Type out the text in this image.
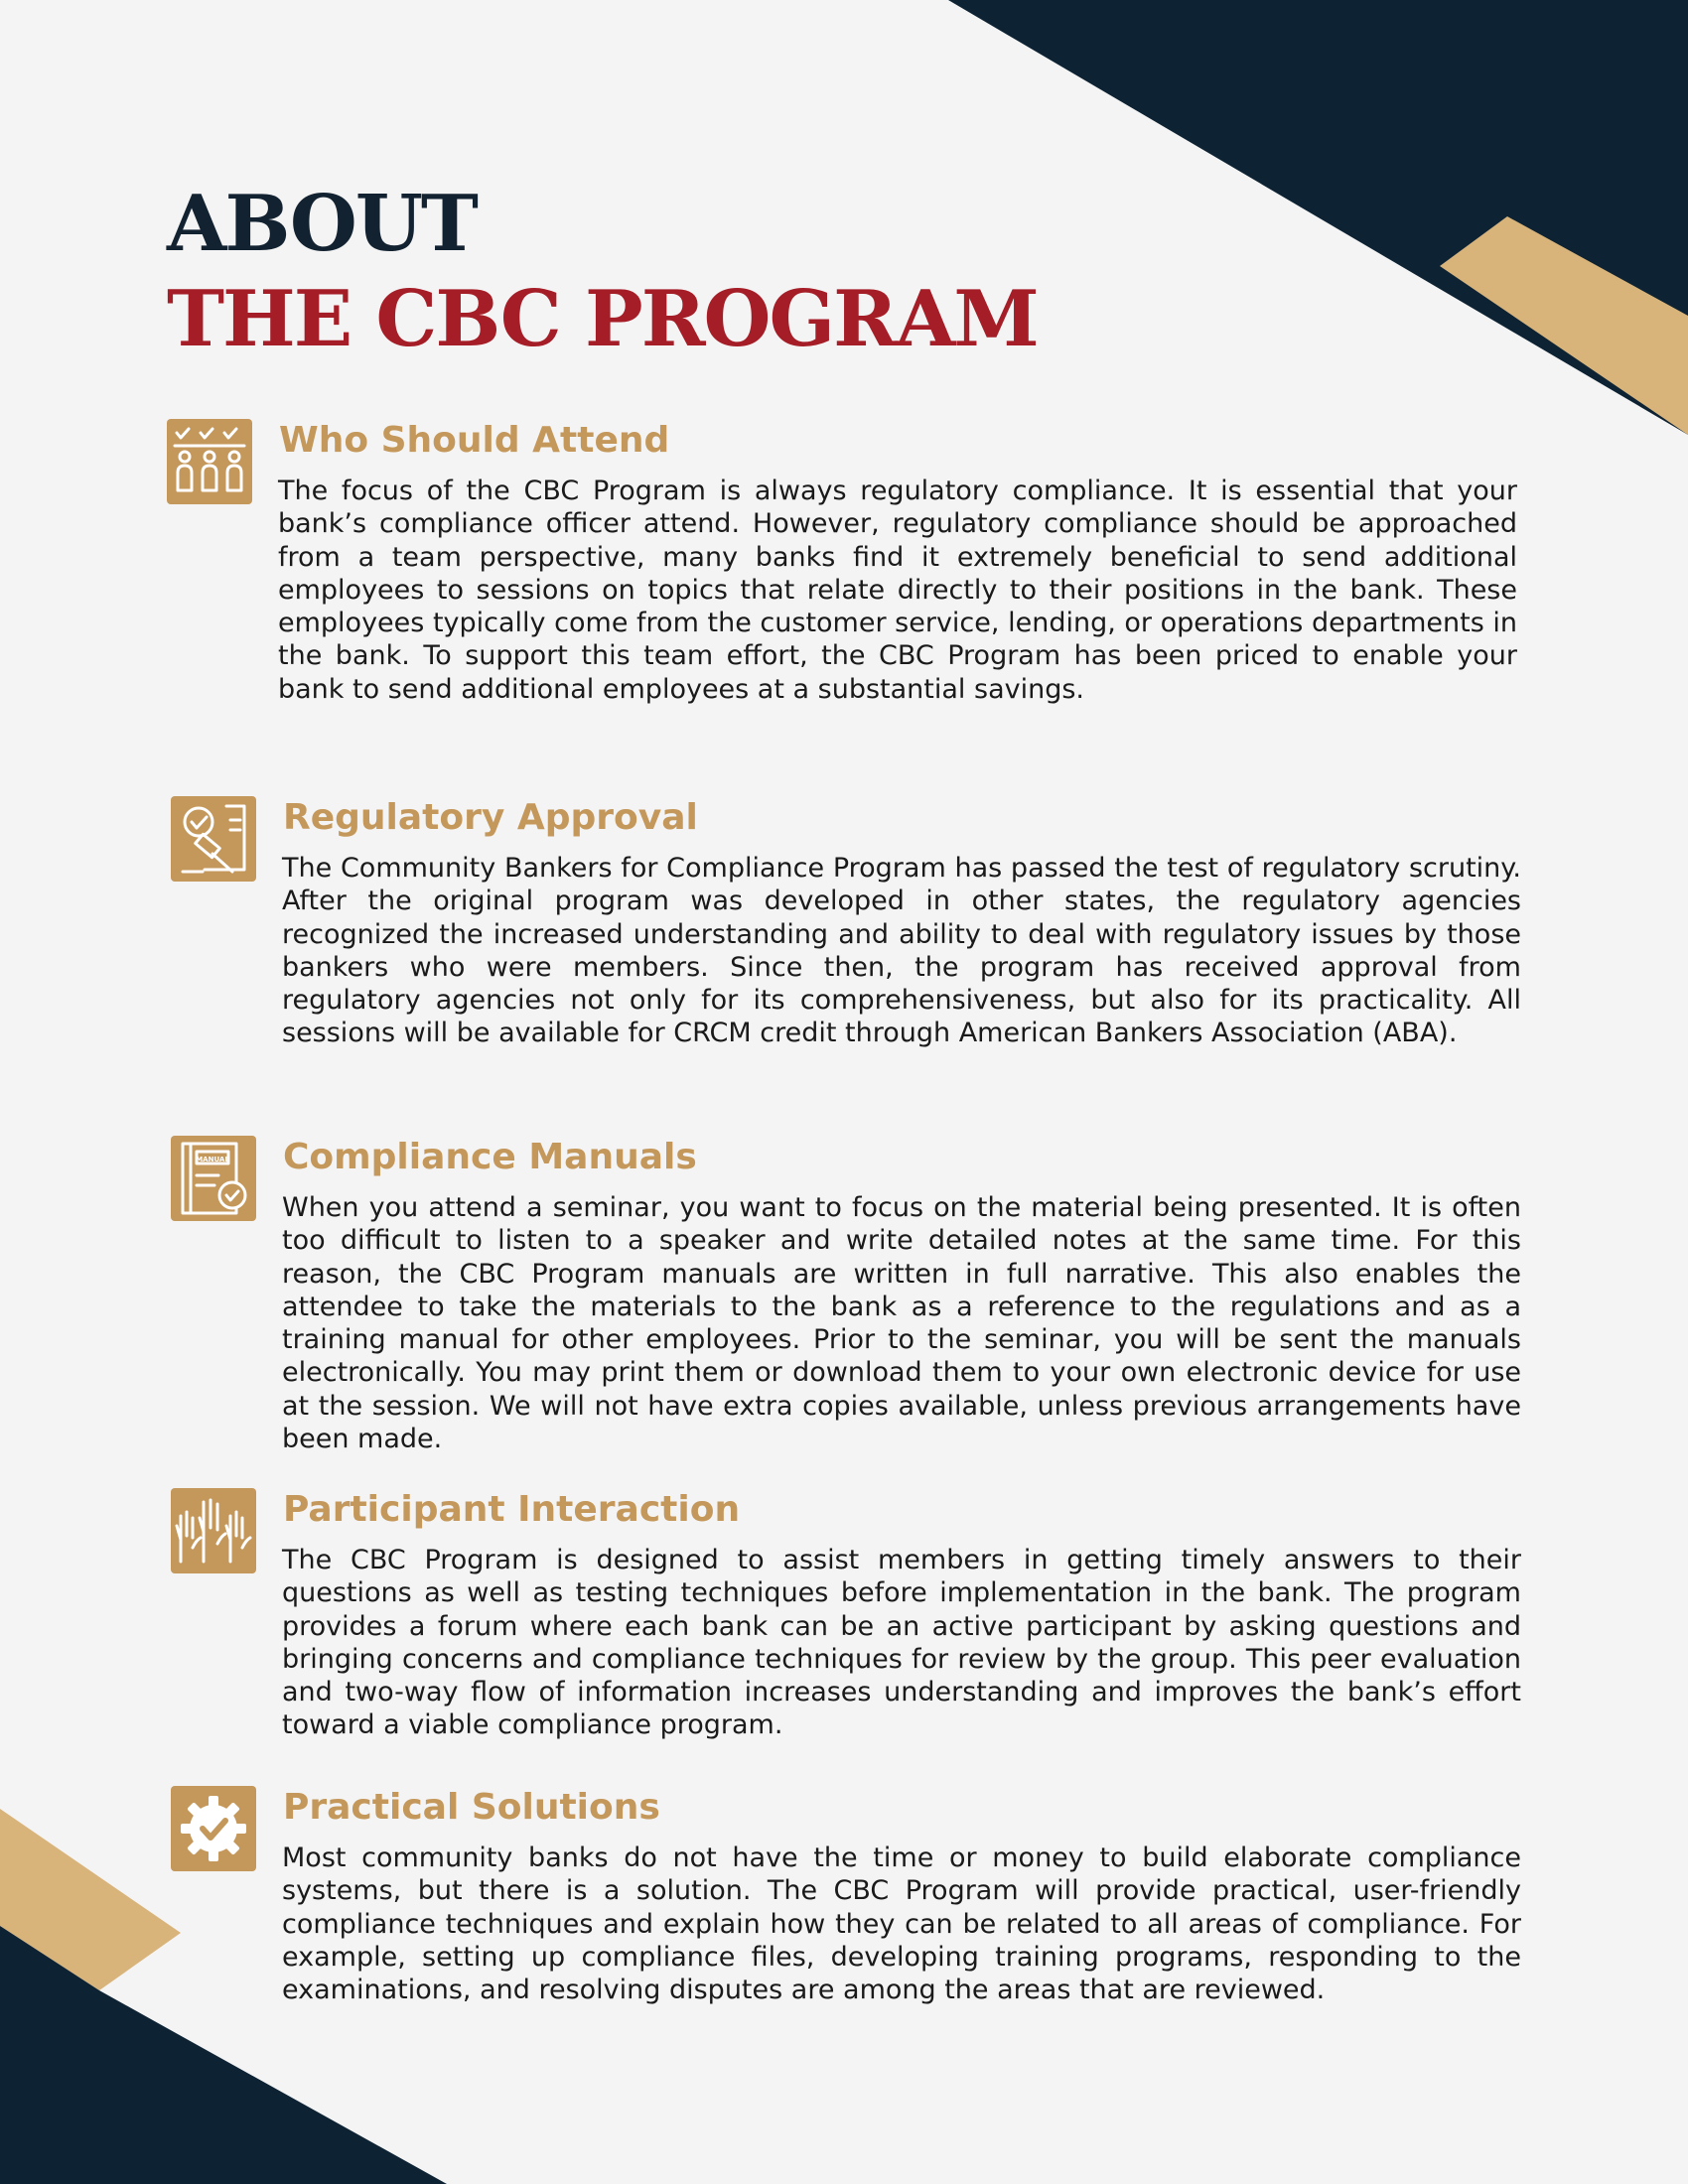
ABOUT
THE CBC PROGRAM
Who Should Attend

The focus of the CBC Program is always regulatory compliance. It is essential that your bank’s compliance officer attend. However, regulatory compliance should be approached from a team perspective, many banks find it extremely beneficial to send additional employees to sessions on topics that relate directly to their positions in the bank. These employees typically come from the customer service, lending, or operations departments in the bank. To support this team effort, the CBC Program has been priced to enable your bank to send additional employees at a substantial savings.

Regulatory Approval

The Community Bankers for Compliance Program has passed the test of regulatory scrutiny. After the original program was developed in other states, the regulatory agencies recognized the increased understanding and ability to deal with regulatory issues by those bankers who were members. Since then, the program has received approval from regulatory agencies not only for its comprehensiveness, but also for its practicality. All sessions will be available for CRCM credit through American Bankers Association (ABA).

MANUAL Compliance Manuals

When you attend a seminar, you want to focus on the material being presented. It is often too difficult to listen to a speaker and write detailed notes at the same time. For this reason, the CBC Program manuals are written in full narrative. This also enables the attendee to take the materials to the bank as a reference to the regulations and as a training manual for other employees. Prior to the seminar, you will be sent the manuals electronically. You may print them or download them to your own electronic device for use at the session. We will not have extra copies available, unless previous arrangements have been made.

Participant Interaction

The CBC Program is designed to assist members in getting timely answers to their questions as well as testing techniques before implementation in the bank. The program provides a forum where each bank can be an active participant by asking questions and bringing concerns and compliance techniques for review by the group. This peer evaluation and two-way flow of information increases understanding and improves the bank’s effort toward a viable compliance program.

Practical Solutions

Most community banks do not have the time or money to build elaborate compliance systems, but there is a solution. The CBC Program will provide practical, user-friendly compliance techniques and explain how they can be related to all areas of compliance. For example, setting up compliance files, developing training programs, responding to the examinations, and resolving disputes are among the areas that are reviewed.
